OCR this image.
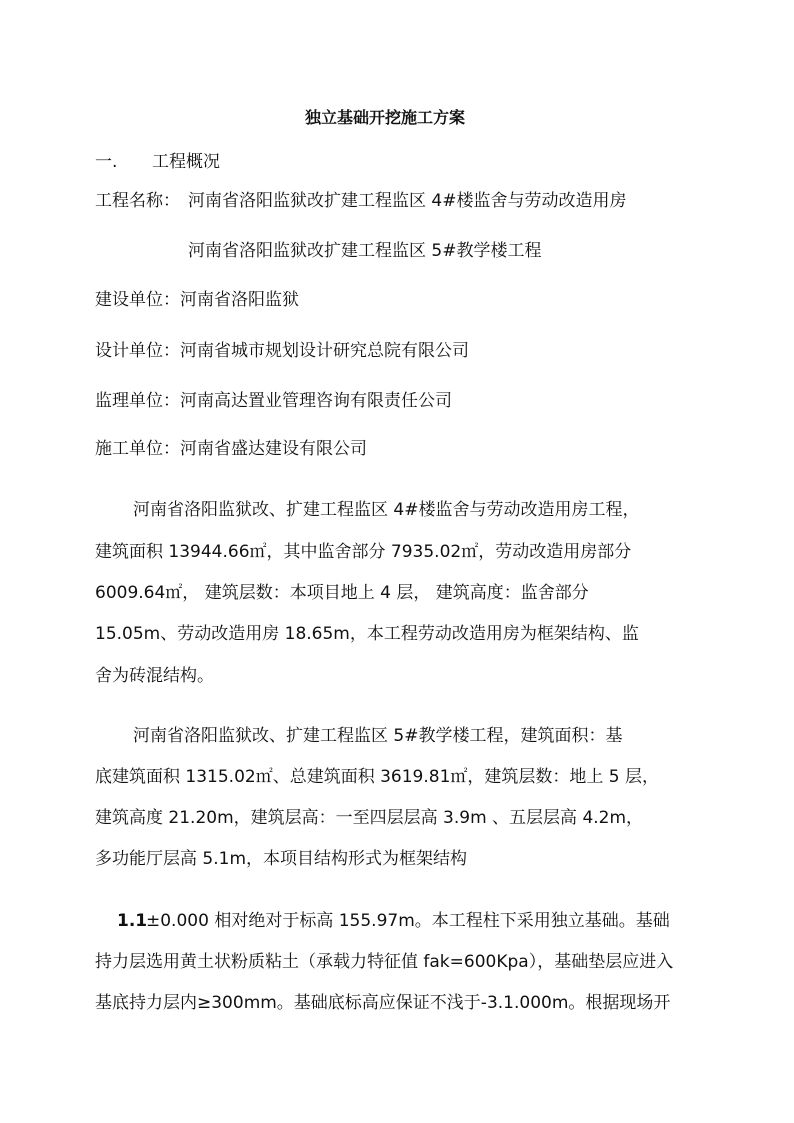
独立基础开挖施工方案
一. 工程概况
工程名称： 河南省洛阳监狱改扩建工程监区 4#楼监舍与劳动改造用房
河南省洛阳监狱改扩建工程监区 5#教学楼工程
建设单位：河南省洛阳监狱
设计单位：河南省城市规划设计研究总院有限公司
监理单位：河南高达置业管理咨询有限责任公司
施工单位：河南省盛达建设有限公司
河南省洛阳监狱改、扩建工程监区 4#楼监舍与劳动改造用房工程，
建筑面积 13944.66㎡，其中监舍部分 7935.02㎡，劳动改造用房部分
6009.64㎡， 建筑层数：本项目地上 4 层， 建筑高度：监舍部分
15.05m、劳动改造用房 18.65m，本工程劳动改造用房为框架结构、监
舍为砖混结构。
河南省洛阳监狱改、扩建工程监区 5#教学楼工程，建筑面积：基
底建筑面积 1315.02㎡、总建筑面积 3619.81㎡，建筑层数：地上 5 层，
建筑高度 21.20m，建筑层高：一至四层层高 3.9m 、五层层高 4.2m，
多功能厅层高 5.1m，本项目结构形式为框架结构
1.1
±0.000 相对绝对于标高 155.97m。本工程柱下采用独立基础。基础
持力层选用黄土状粉质粘土（承载力特征值 fak=600Kpa），基础垫层应进入
基底持力层内≥300mm。基础底标高应保证不浅于-3.1.000m。根据现场开
